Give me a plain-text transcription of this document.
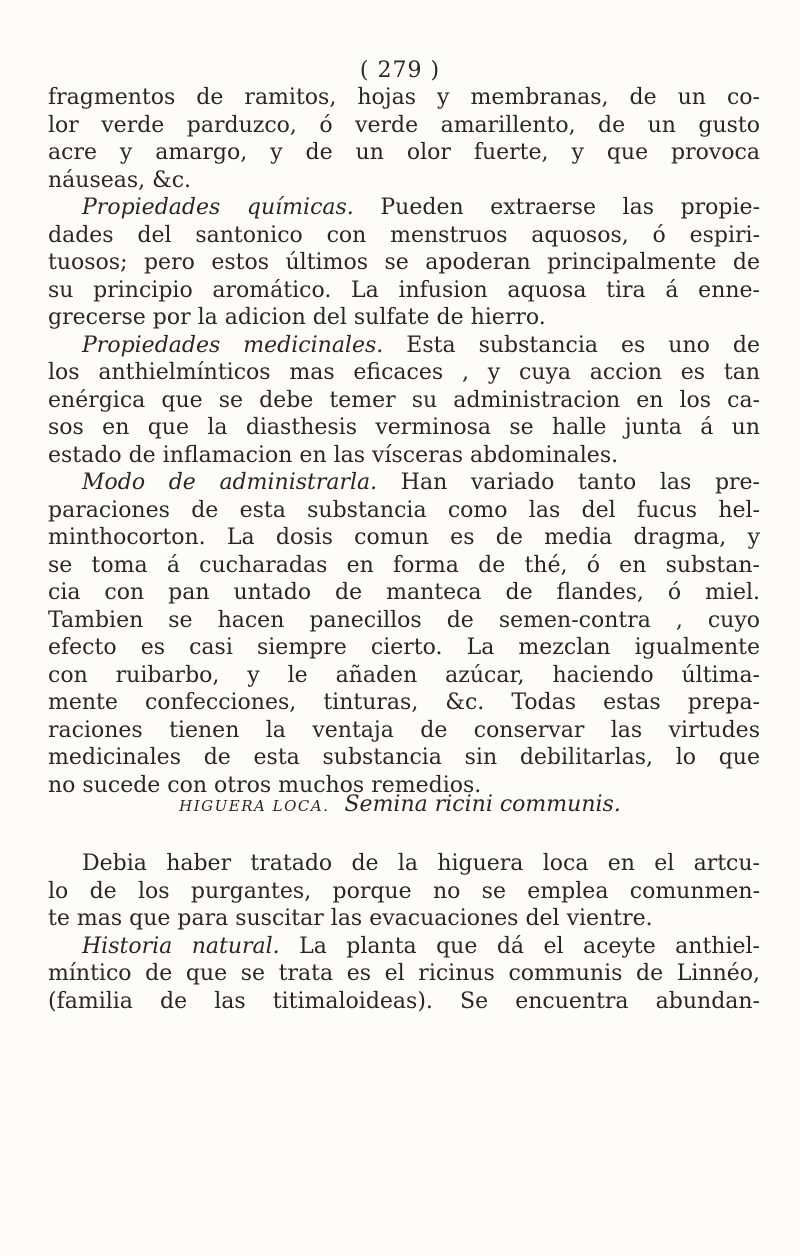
( 279 )

fragmentos de ramitos, hojas y membranas, de un co-
lor verde parduzco, ó verde amarillento, de un gusto
acre y amargo, y de un olor fuerte, y que provoca
náuseas, &c.

Propiedades químicas. Pueden extraerse las propie-
dades del santonico con menstruos aquosos, ó espiri-
tuosos; pero estos últimos se apoderan principalmente de
su principio aromático. La infusion aquosa tira á enne-
grecerse por la adicion del sulfate de hierro.

Propiedades medicinales. Esta substancia es uno de
los anthielmínticos mas eficaces , y cuya accion es tan
enérgica que se debe temer su administracion en los ca-
sos en que la diasthesis verminosa se halle junta á un
estado de inflamacion en las vísceras abdominales.

Modo de administrarla. Han variado tanto las pre-
paraciones de esta substancia como las del fucus hel-
minthocorton. La dosis comun es de media dragma, y
se toma á cucharadas en forma de thé, ó en substan-
cia con pan untado de manteca de flandes, ó miel.
Tambien se hacen panecillos de semen-contra , cuyo
efecto es casi siempre cierto. La mezclan igualmente
con ruibarbo, y le añaden azúcar, haciendo última-
mente confecciones, tinturas, &c. Todas estas prepa-
raciones tienen la ventaja de conservar las virtudes
medicinales de esta substancia sin debilitarlas, lo que
no sucede con otros muchos remedios.

HIGUERA LOCA. Semina ricini communis.

Debia haber tratado de la higuera loca en el artcu-
lo de los purgantes, porque no se emplea comunmen-
te mas que para suscitar las evacuaciones del vientre.

Historia natural. La planta que dá el aceyte anthiel-
míntico de que se trata es el ricinus communis de Linnéo,
(familia de las titimaloideas). Se encuentra abundan-
